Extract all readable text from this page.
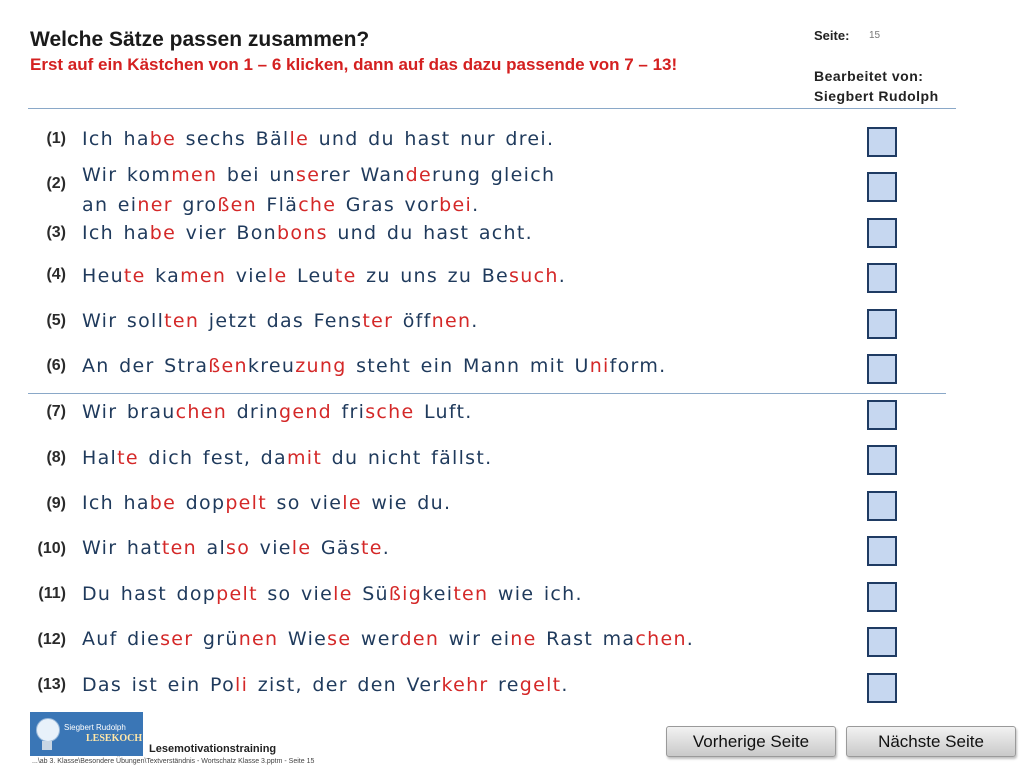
Welche Sätze passen zusammen?

Erst auf ein Kästchen von 1 – 6 klicken, dann auf das dazu passende von 7 – 13!

Seite: 15
Bearbeitet von:
Siegbert Rudolph
(1) Ich habe sechs Bälle und du hast nur drei.
(2) Wir kommen bei unserer Wanderung gleich
an einer großen Fläche Gras vorbei.
(3) Ich habe vier Bonbons und du hast acht.
(4) Heute kamen viele Leute zu uns zu Besuch.
(5) Wir sollten jetzt das Fenster öffnen.
(6) An der Straßenkreuzung steht ein Mann mit Uniform.
(7) Wir brauchen dringend frische Luft.
(8) Halte dich fest, damit du nicht fällst.
(9) Ich habe doppelt so viele wie du.
(10) Wir hatten also viele Gäste.
(11) Du hast doppelt so viele Süßigkeiten wie ich.
(12) Auf dieser grünen Wiese werden wir eine Rast machen.
(13) Das ist ein Poli zist, der den Verkehr regelt.
Siegbert Rudolph
LESEKOCH
Lesemotivationstraining
...\ab 3. Klasse\Besondere Übungen\Textverständnis - Wortschatz Klasse 3.pptm - Seite 15
Vorherige Seite	Nächste Seite
